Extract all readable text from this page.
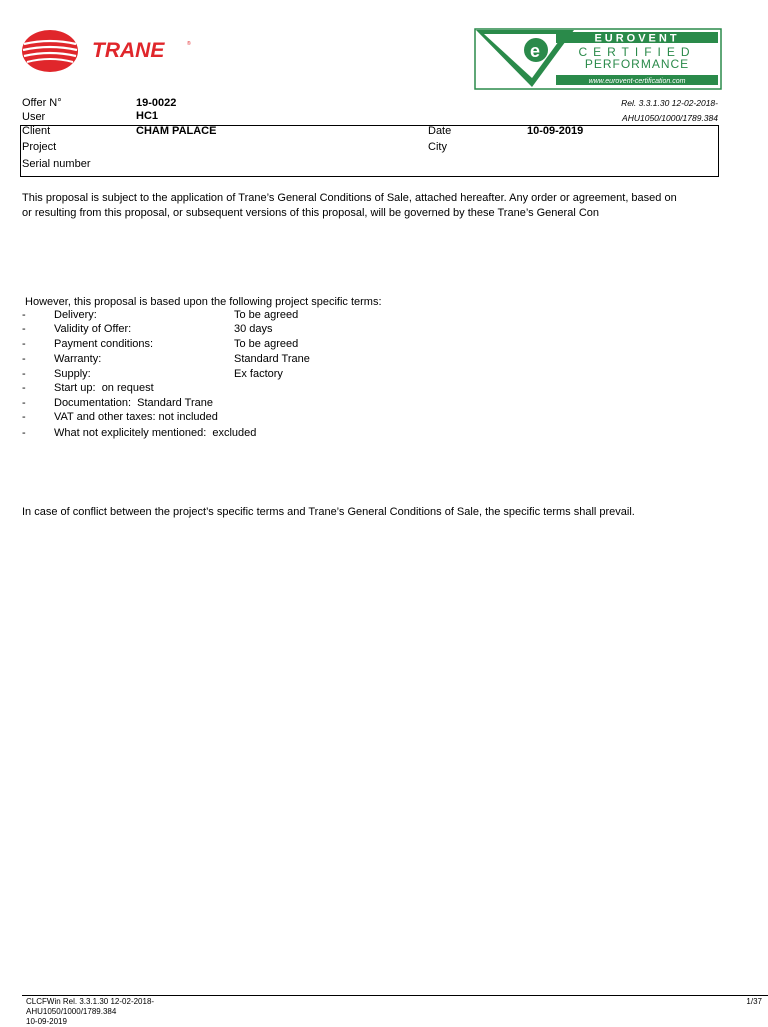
TRANE	®	e
EUROVENT
CERTIFIED
PERFORMANCE
www.eurovent-certification.com
Rel. 3.3.1.30 12-02-2018-
AHU1050/1000/1789.384
Offer N°	19-0022
User	HC1
Client	CHAM PALACE	Date	10-09-2019
Project	City
Serial number
This proposal is subject to the application of Trane’s General Conditions of Sale, attached hereafter. Any order or agreement, based on
or resulting from this proposal, or subsequent versions of this proposal, will be governed by these Trane’s General Con
However, this proposal is based upon the following project specific terms:
-	Delivery:	To be agreed
-	Validity of Offer:	30 days
-	Payment conditions:	To be agreed
-	Warranty:	Standard Trane
-	Supply:	Ex factory
-	Start up:  on request
-	Documentation:  Standard Trane
-	VAT and other taxes: not included
-	What not explicitely mentioned:  excluded
In case of conflict between the project’s specific terms and Trane’s General Conditions of Sale, the specific terms shall prevail.
CLCFWin Rel. 3.3.1.30 12-02-2018-
AHU1050/1000/1789.384
10-09-2019
1/37
